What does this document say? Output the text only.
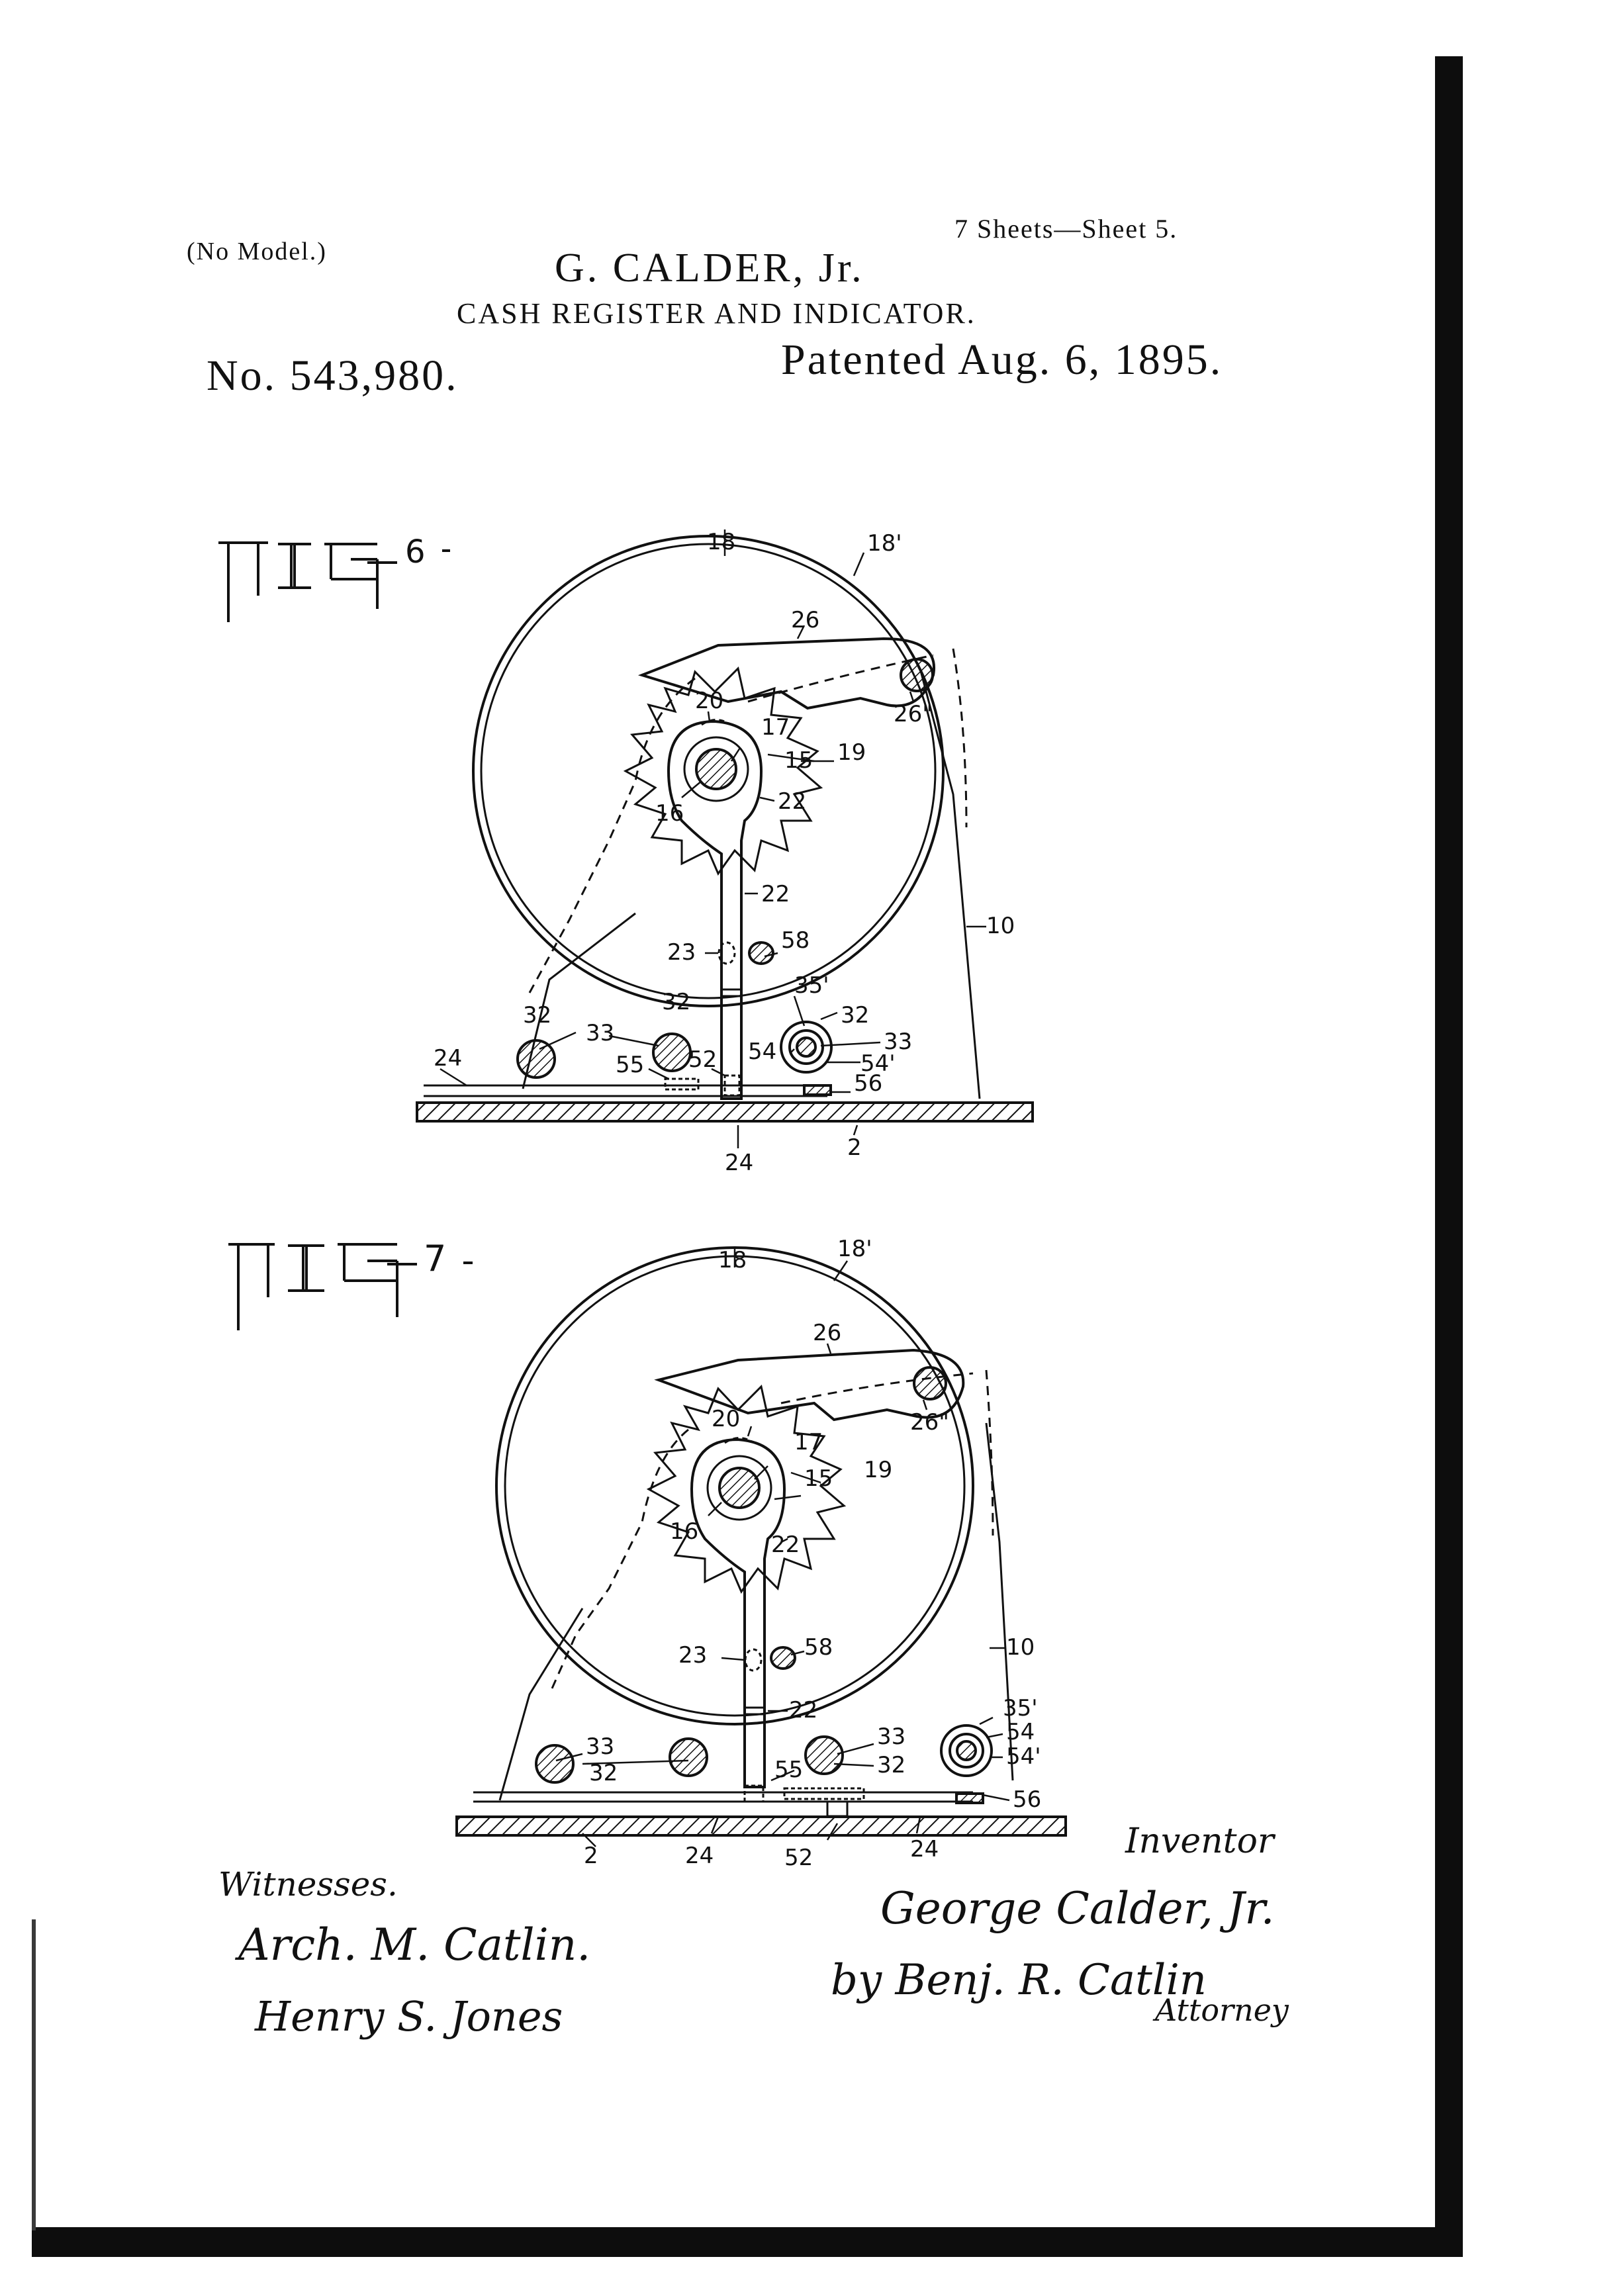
(No Model.)
7 Sheets—Sheet 5.
G. CALDER, Jr.
CASH REGISTER AND INDICATOR.
No. 543,980.	Patented Aug. 6, 1895.
6	18	18'
26
26"
20
17
15 19
16	22
22
10
23	58
35'
32	32	32
33	33
54	54'
55 52
56
24
24
2
7	18	18'
26
26"
20
17
15 19
16	22
22
10
23	58
35'
33	33
32	32
54
54'
55
56
2	24	24
52
Witnesses.
Arch. M. Catlin.
Henry S. Jones
Inventor
George Calder, Jr.
by Benj. R. Catlin
Attorney
